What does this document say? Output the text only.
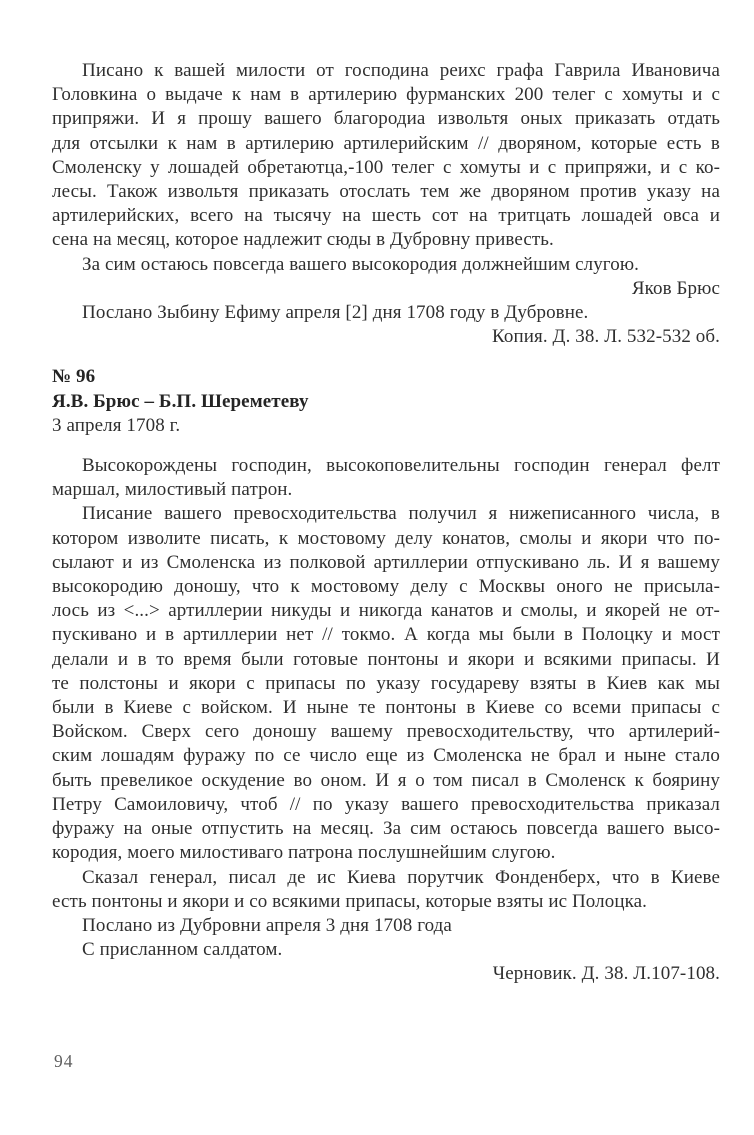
Писано к вашей милости от господина реихс графа Гаврила Ивановича
Головкина о выдаче к нам в артилерию фурманских 200 телег с хомуты и с
припряжи. И я прошу вашего благородиа извольтя оных приказать отдать
для отсылки к нам в артилерию артилерийским // дворяном, которые есть в
Смоленску у лошадей обретаютца,-100 телег с хомуты и с припряжи, и с ко-
лесы. Також извольтя приказать отослать тем же дворяном против указу на
артилерийских, всего на тысячу на шесть сот на тритцать лошадей овса и
сена на месяц, которое надлежит сюды в Дубровну привесть.
За сим остаюсь повсегда вашего высокородия должнейшим слугою.
Яков Брюс
Послано Зыбину Ефиму апреля [2] дня 1708 году в Дубровне.
Копия. Д. 38. Л. 532-532 об.
№ 96
Я.В. Брюс – Б.П. Шереметеву
3 апреля 1708 г.
Высокорождены господин, высокоповелительны господин генерал фелт
маршал, милостивый патрон.
Писание вашего превосходительства получил я нижеписанного числа, в
котором изволите писать, к мостовому делу конатов, смолы и якори что по-
сылают и из Смоленска из полковой артиллерии отпускивано ль. И я вашему
высокородию доношу, что к мостовому делу с Москвы оного не присыла-
лось из <...> артиллерии никуды и никогда канатов и смолы, и якорей не от-
пускивано и в артиллерии нет // токмо. А когда мы были в Полоцку и мост
делали и в то время были готовые понтоны и якори и всякими припасы. И
те полстоны и якори с припасы по указу государеву взяты в Киев как мы
были в Киеве с войском. И ныне те понтоны в Киеве со всеми припасы с
Войском. Сверх сего доношу вашему превосходительству, что артилерий-
ским лошадям фуражу по се число еще из Смоленска не брал и ныне стало
быть превеликое оскудение во оном. И я о том писал в Смоленск к боярину
Петру Самоиловичу, чтоб // по указу вашего превосходительства приказал
фуражу на оные отпустить на месяц. За сим остаюсь повсегда вашего высо-
кородия, моего милостиваго патрона послушнейшим слугою.
Сказал генерал, писал де ис Киева порутчик Фонденберх, что в Киеве
есть понтоны и якори и со всякими припасы, которые взяты ис Полоцка.
Послано из Дубровни апреля 3 дня 1708 года
С присланном салдатом.
Черновик. Д. 38. Л.107-108.
94
